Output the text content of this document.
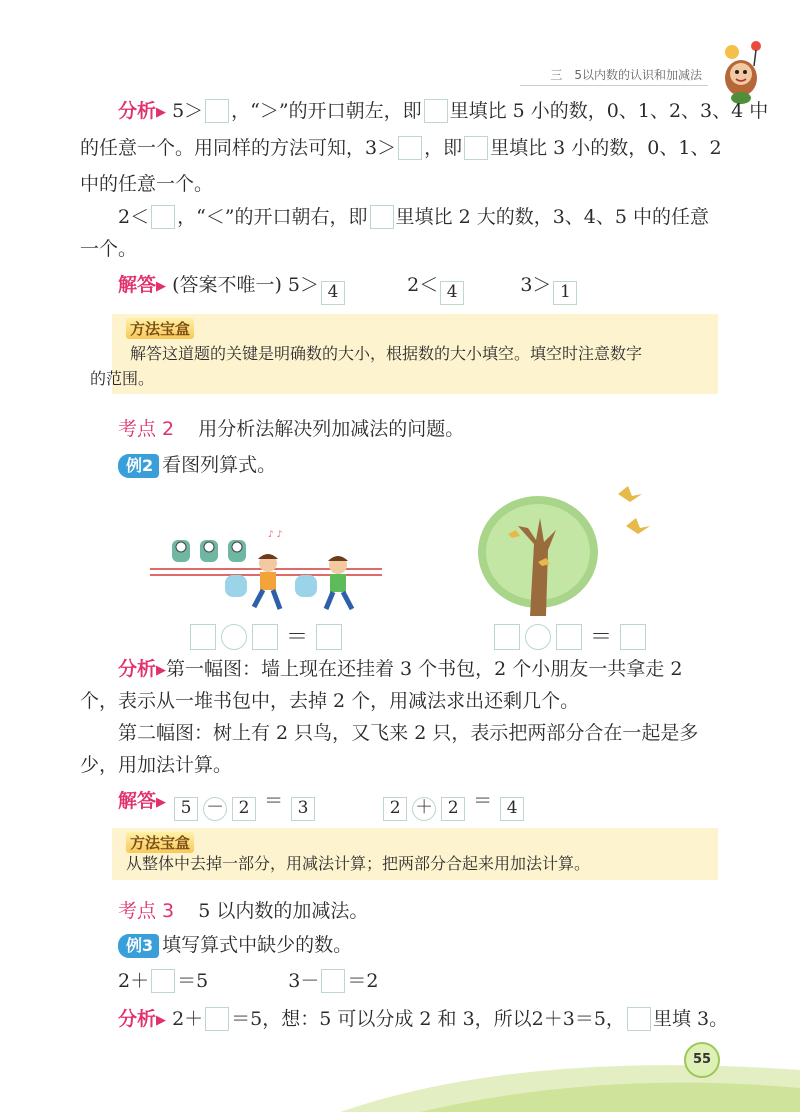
三　5以内数的认识和加减法
分析▶ 5＞ ，“＞”的开口朝左，即 里填比 5 小的数，0、1、2、3、4 中
的任意一个。用同样的方法可知，3＞ ，即 里填比 3 小的数，0、1、2
中的任意一个。
2＜ ，“＜”的开口朝右，即 里填比 2 大的数，3、4、5 中的任意
一个。
解答▶ (答案不唯一) 5＞ 4	2＜ 4	3＞ 1
方法宝盒
解答这道题的关键是明确数的大小，根据数的大小填空。填空时注意数字
的范围。
考点 2 用分析法解决列加减法的问题。
例2 看图列算式。
♪ ♪
＝	＝
分析▶第一幅图：墙上现在还挂着 3 个书包，2 个小朋友一共拿走 2
个，表示从一堆书包中，去掉 2 个，用减法求出还剩几个。
第二幅图：树上有 2 只鸟，又飞来 2 只，表示把两部分合在一起是多
少，用加法计算。
解答▶ 5 － 2 ＝ 3	2 ＋ 2 ＝ 4
方法宝盒
从整体中去掉一部分，用减法计算；把两部分合起来用加法计算。
考点 3 5 以内数的加减法。
例3 填写算式中缺少的数。
2＋ ＝5	3－ ＝2
分析▶ 2＋ ＝5，想：5 可以分成 2 和 3，所以2＋3＝5， 里填 3。
55
